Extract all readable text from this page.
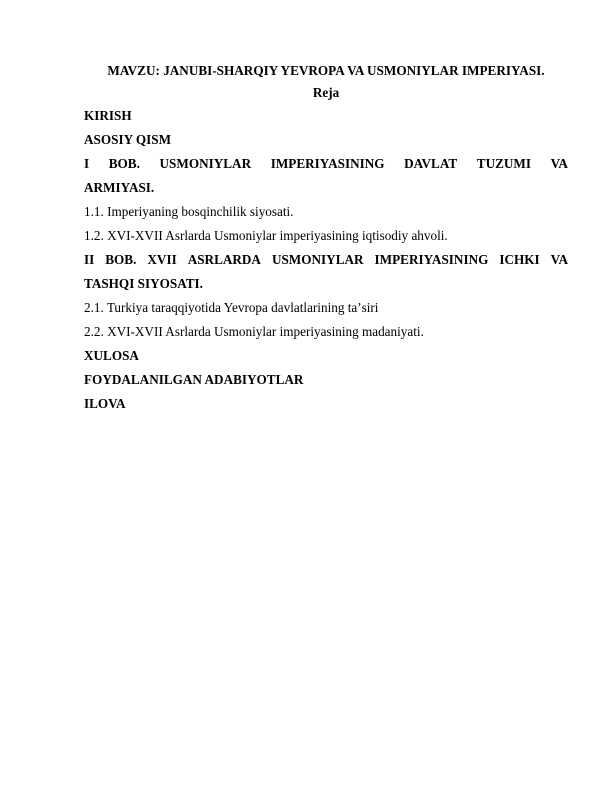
MAVZU: JANUBI-SHARQIY YEVROPA VA USMONIYLAR IMPERIYASI.
Reja
KIRISH
ASOSIY QISM
I BOB. USMONIYLAR IMPERIYASINING DAVLAT TUZUMI VA
ARMIYASI.
1.1. Imperiyaning bosqinchilik siyosati.
1.2. XVI-XVII Asrlarda Usmoniylar imperiyasining iqtisodiy ahvoli.
II BOB. XVII ASRLARDA USMONIYLAR IMPERIYASINING ICHKI VA
TASHQI SIYOSATI.
2.1. Turkiya taraqqiyotida Yevropa davlatlarining taʼsiri
2.2. XVI-XVII Asrlarda Usmoniylar imperiyasining madaniyati.
XULOSA
FOYDALANILGAN ADABIYOTLAR
ILOVA
